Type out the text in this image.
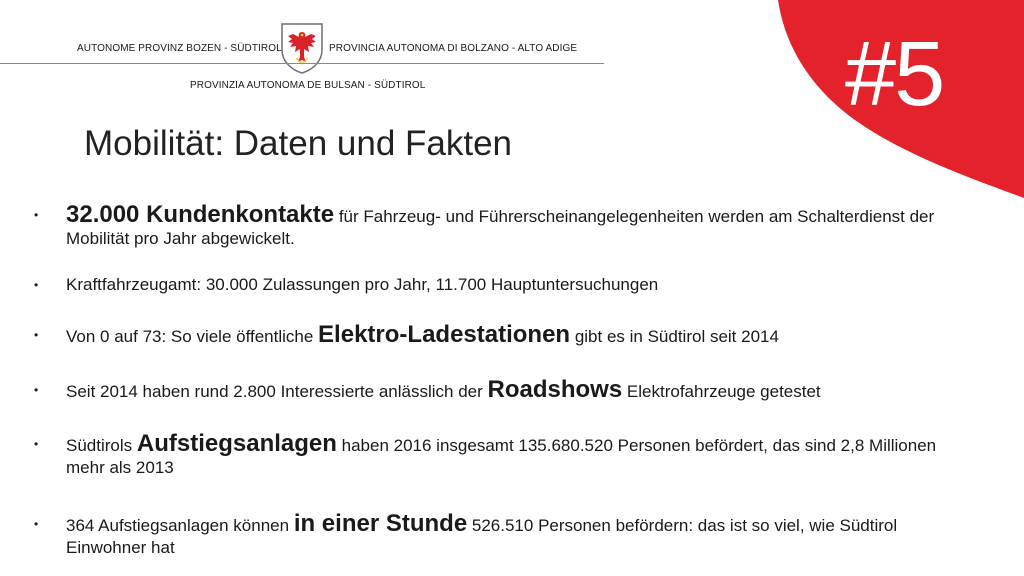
AUTONOME PROVINZ BOZEN - SÜDTIROL	PROVINCIA AUTONOMA DI BOLZANO - ALTO ADIGE
PROVINZIA AUTONOMA DE BULSAN - SÜDTIROL	#5
Mobilität: Daten und Fakten
• 32.000 Kundenkontakte für Fahrzeug- und Führerscheinangelegenheiten werden am Schalterdienst der Mobilität pro Jahr abgewickelt.
• Kraftfahrzeugamt: 30.000 Zulassungen pro Jahr, 11.700 Hauptuntersuchungen
• Von 0 auf 73: So viele öffentliche Elektro-Ladestationen gibt es in Südtirol seit 2014
• Seit 2014 haben rund 2.800 Interessierte anlässlich der Roadshows Elektrofahrzeuge getestet
• Südtirols Aufstiegsanlagen haben 2016 insgesamt 135.680.520 Personen befördert, das sind 2,8 Millionen mehr als 2013
• 364 Aufstiegsanlagen können in einer Stunde 526.510 Personen befördern: das ist so viel, wie Südtirol Einwohner hat
